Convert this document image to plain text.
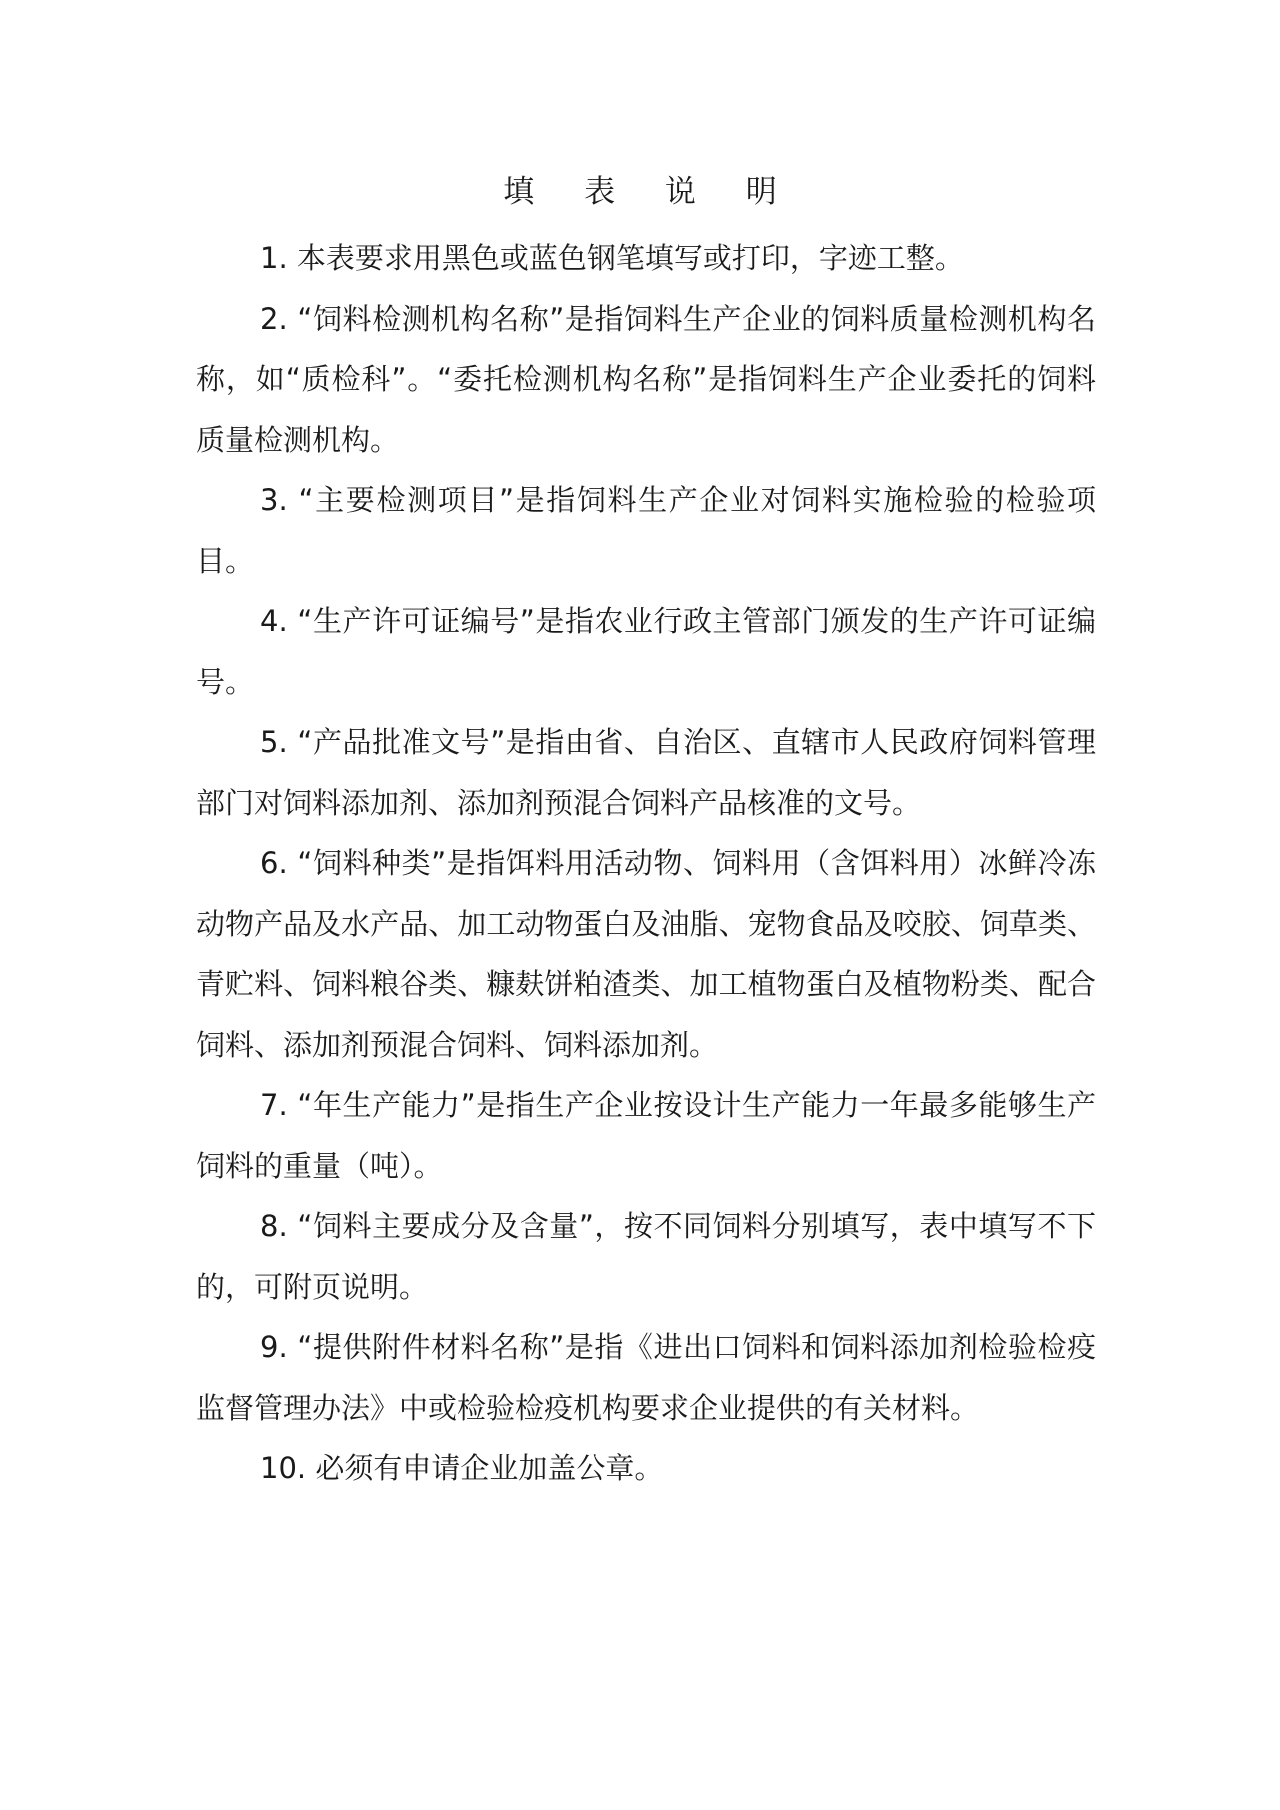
填 表 说 明

1. 本表要求用黑色或蓝色钢笔填写或打印，字迹工整。

2. “饲料检测机构名称”是指饲料生产企业的饲料质量检测机构名称，如“质检科”。“委托检测机构名称”是指饲料生产企业委托的饲料质量检测机构。

3. “主要检测项目”是指饲料生产企业对饲料实施检验的检验项目。

4. “生产许可证编号”是指农业行政主管部门颁发的生产许可证编号。

5. “产品批准文号”是指由省、自治区、直辖市人民政府饲料管理部门对饲料添加剂、添加剂预混合饲料产品核准的文号。

6. “饲料种类”是指饵料用活动物、饲料用（含饵料用）冰鲜冷冻动物产品及水产品、加工动物蛋白及油脂、宠物食品及咬胶、饲草类、青贮料、饲料粮谷类、糠麸饼粕渣类、加工植物蛋白及植物粉类、配合饲料、添加剂预混合饲料、饲料添加剂。

7. “年生产能力”是指生产企业按设计生产能力一年最多能够生产饲料的重量（吨）。

8. “饲料主要成分及含量”，按不同饲料分别填写，表中填写不下的，可附页说明。

9. “提供附件材料名称”是指《进出口饲料和饲料添加剂检验检疫监督管理办法》中或检验检疫机构要求企业提供的有关材料。

10. 必须有申请企业加盖公章。
